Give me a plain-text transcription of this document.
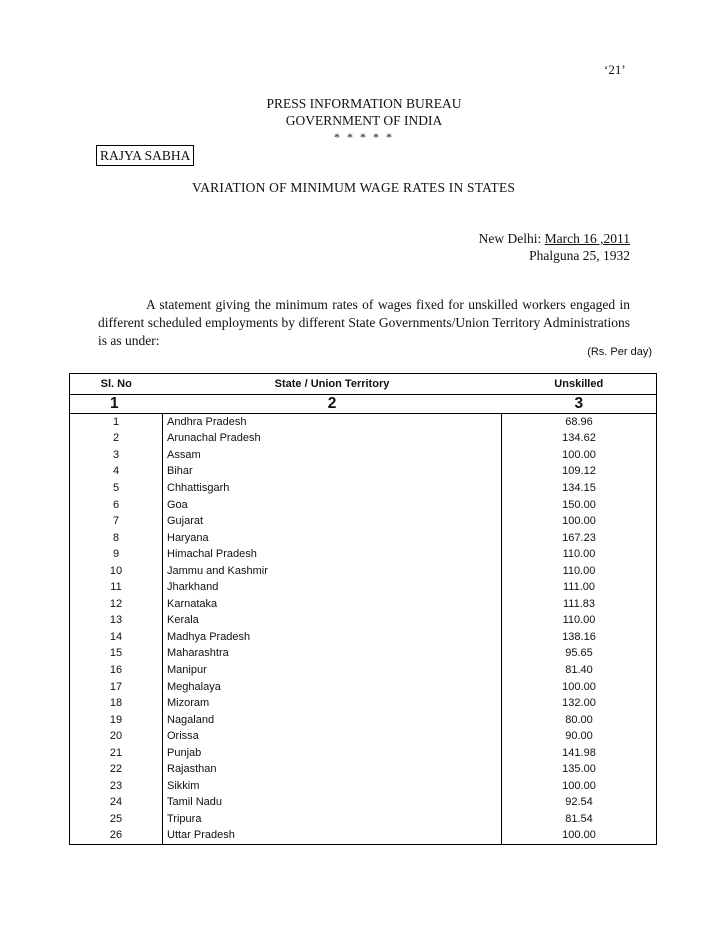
‘21’
PRESS INFORMATION BUREAU
GOVERNMENT OF INDIA
* * * * *
RAJYA SABHA
VARIATION OF MINIMUM WAGE RATES IN STATES
New Delhi: March 16 ,2011
Phalguna 25, 1932

A statement giving the minimum rates of wages fixed for unskilled workers engaged in different scheduled employments by different State Governments/Union Territory Administrations is as under:

(Rs. Per day)
Sl. No	State / Union Territory	Unskilled
1	2	3
1	Andhra Pradesh	68.96
2	Arunachal Pradesh	134.62
3	Assam	100.00
4	Bihar	109.12
5	Chhattisgarh	134.15
6	Goa	150.00
7	Gujarat	100.00
8	Haryana	167.23
9	Himachal Pradesh	110.00
10	Jammu and Kashmir	110.00
11	Jharkhand	111.00
12	Karnataka	111.83
13	Kerala	110.00
14	Madhya Pradesh	138.16
15	Maharashtra	95.65
16	Manipur	81.40
17	Meghalaya	100.00
18	Mizoram	132.00
19	Nagaland	80.00
20	Orissa	90.00
21	Punjab	141.98
22	Rajasthan	135.00
23	Sikkim	100.00
24	Tamil Nadu	92.54
25	Tripura	81.54
26	Uttar Pradesh	100.00
